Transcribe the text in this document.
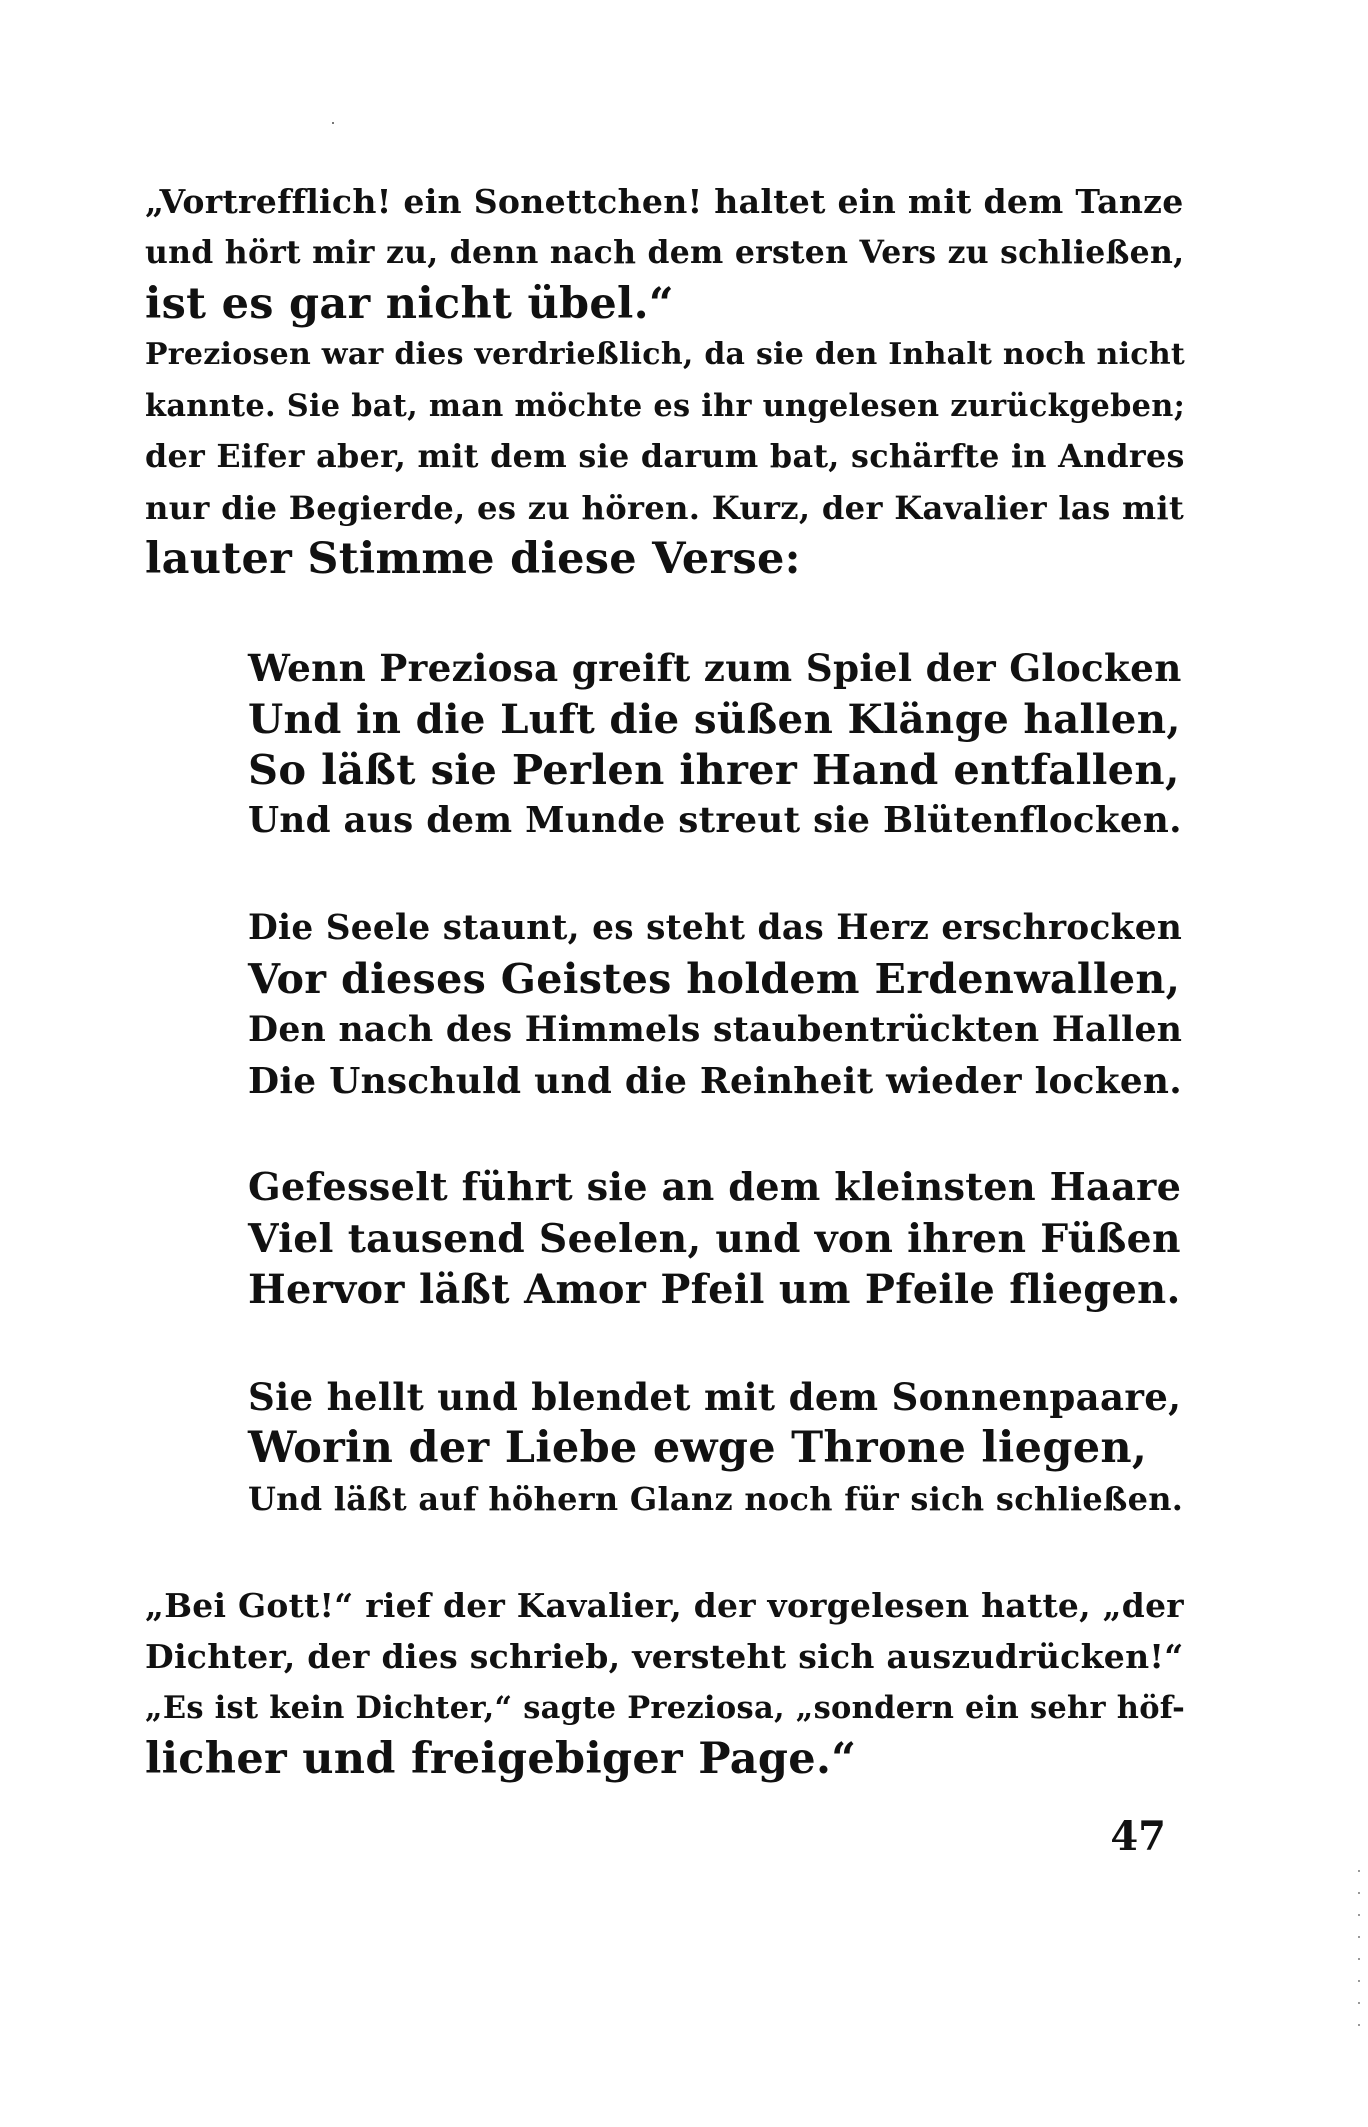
„Vortrefflich! ein Sonettchen! haltet ein mit dem Tanze
und hört mir zu, denn nach dem ersten Vers zu schließen,
ist es gar nicht übel.“
Preziosen war dies verdrießlich, da sie den Inhalt noch nicht
kannte. Sie bat, man möchte es ihr ungelesen zurückgeben;
der Eifer aber, mit dem sie darum bat, schärfte in Andres
nur die Begierde, es zu hören. Kurz, der Kavalier las mit
lauter Stimme diese Verse:
Wenn Preziosa greift zum Spiel der Glocken
Und in die Luft die süßen Klänge hallen,
So läßt sie Perlen ihrer Hand entfallen,
Und aus dem Munde streut sie Blütenflocken.
Die Seele staunt, es steht das Herz erschrocken
Vor dieses Geistes holdem Erdenwallen,
Den nach des Himmels staubentrückten Hallen
Die Unschuld und die Reinheit wieder locken.
Gefesselt führt sie an dem kleinsten Haare
Viel tausend Seelen, und von ihren Füßen
Hervor läßt Amor Pfeil um Pfeile fliegen.
Sie hellt und blendet mit dem Sonnenpaare,
Worin der Liebe ewge Throne liegen,
Und läßt auf höhern Glanz noch für sich schließen.
„Bei Gott!“ rief der Kavalier, der vorgelesen hatte, „der
Dichter, der dies schrieb, versteht sich auszudrücken!“
„Es ist kein Dichter,“ sagte Preziosa, „sondern ein sehr höf-
licher und freigebiger Page.“
47
